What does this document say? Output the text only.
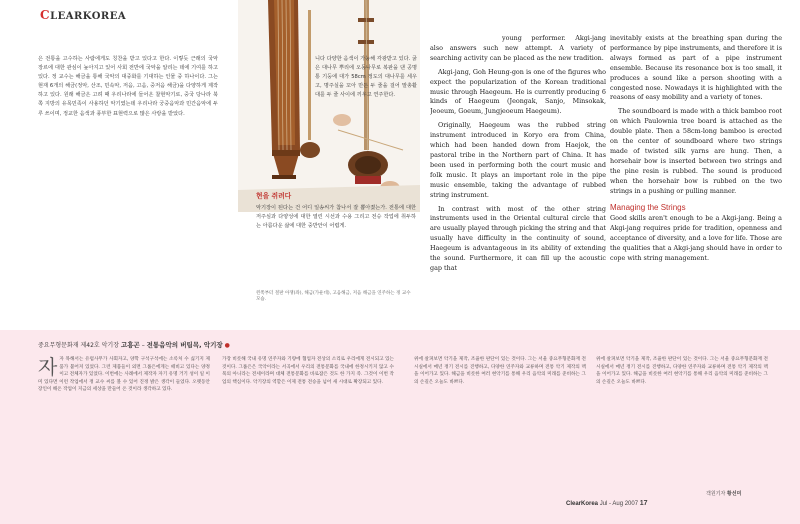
CLEARKOREA
은 전통을 고수하는 사람에게도 칭찬을 받고 있다고 한다. 이렇듯 근래의 국악 장르에 대한 관심이 높아지고 있어 사회 전반에 국악을 알리는 데에 기여를 하고 있다. 정 교수는 해금을 통해 국악의 대중화를 기대하는 인물 중 하나이다. 그는 현재 6개의 해금(정악, 산조, 민속악, 저음, 고음, 중저음 해금)을 다양하게 제작하고 있다. 원래 해금은 고려 때 우리나라에 들어온 찰현악기로, 중국 당나라 북쪽 지방의 유목민족이 사용하던 악기였는데 우리나라 궁중음악과 민간음악에 두루 쓰이며, 정교한 음색과 풍부한 표현력으로 많은 사랑을 받았다.
니다 다양한 음색이 가능해 각광받고 있다. 굵은 대나무 뿌리에 오동나무로 복판을 댄 공명통 기둥에 대가 58cm 정도의 대나무를 세우고, 명주실을 꼬아 만든 두 줄을 걸어 말총활대를 두 줄 사이에 끼우고 연주한다.
현을 쥐려다
악기장이 된다는 건 어디 일송씨가 참나서 잘 뽑아졌는가. 전통에 대한 저주심과 다양성에 대한 열린 시선과 수용 그리고 전승 작업에 취두하는 아름다운 삶에 대한 중반안이 어렵게.
왼쪽부터 철판 아쟁(좌), 해금(가운데), 고음해금, 저음 해금을 연주하는 정 교수 모습.

young performer. Akgi-jang also answers such new attempt. A variety of searching activity can be placed as the new tradition.

Akgi-jang, Goh Heung-gon is one of the figures who expect the popularization of the Korean traditional music through Haegeum. He is currently producing 6 kinds of Haegeum (Jeongak, Sanjo, Minsokak, Jeoeum, Goeum, Jungjeoeum Haegeum).

Originally, Haegeum was the rubbed string instrument introduced in Koryo era from China, which had been handed down from Haejok, the pastoral tribe in the Northern part of China. It has been used in performing both the court music and folk music. It plays an important role in the pipe music ensemble, taking the advantage of rubbed string instrument.

In contrast with most of the other string instruments used in the Oriental cultural circle that are usually played through picking the string and that usually have difficulty in the continuity of sound, Haegeum is advantageous in its ability of extending the sound. Furthermore, it can fill up the acoustic gap that

inevitably exists at the breathing span during the performance by pipe instruments, and therefore it is always formed as part of a pipe instrument ensemble. Because its resonance box is too small, it produces a sound like a person shooting with a congested nose. Nowadays it is highlighted with the reasons of easy mobility and a variety of tones.

The soundboard is made with a thick bamboo root on which Paulownia tree board is attached as the double plate. Then a 58cm-long bamboo is erected on the center of soundboard where two strings made of twisted silk yarns are hung. Then, a horsehair bow is inserted between two strings and the pine resin is rubbed. The sound is produced when the horsehair bow is rubbed on the two strings in a pushing or pulling manner.

Managing the Strings

Good skills aren't enough to be a Akgi-jang. Being a Akgi-jang requires pride for tradition, openness and acceptance of diversity, and a love for life. Those are the qualities that a Akgi-jang should have in order to cope with string management.

중요무형문화재 제42호 악기장 고흥곤 – 전통음악의 버팀목, 악기장 ●
자자 목해서는 유럽사무가 사회자고, 양학 구석구석에는 소록처 수 싫기지 제품가 불어져 있었다. 그런 제품들이 외면 그룹은에게는 떼비고 있다는 양정이고 전체자가 있었다. 이번에는 사례에서 제작자 자기 유명 거기 성이 일 이미 있다면 이런 작업에서 정 교수 씨를 볼 수 있어 진정 밝은 생각이 들었다. 오랫동안 장인이 해온 작업이 지금의 세상을 만들어 온 것이라 생각하고 있다.
가장 비롯해 국내 유명 연주자와 기량에 협업자 전상의 소리로 우리에게 전시되고 있는 것이다. 그룹은은 국악이라는 서곡에서 우리의 전통문화를 국내에 한정시키지 않고 수묵의 아니라는 전세이라며 대체 전통문화를 바로잡은 것도 한 가지 즉. 그것이 이번 작업의 핵심이다. 악기장의 역할은 이제 전통 전승을 넘어 새 시대로 확장되고 있다.
위에 살펴보면 악기을 제작, 조율한 판단이 있는 것이다. 그는 서울 중요무형문화재 전시실에서 매년 정기 전시를 진행하고, 다양한 연주자와 교류하며 전통 악기 제작의 맥을 이어가고 있다. 해금을 비롯한 여러 현악기를 통해 우리 음악의 미래를 준비하는 그의 손길은 오늘도 바쁘다.
위에 살펴보면 악기을 제작, 조율한 판단이 있는 것이다. 그는 서울 중요무형문화재 전시실에서 매년 정기 전시를 진행하고, 다양한 연주자와 교류하며 전통 악기 제작의 맥을 이어가고 있다. 해금을 비롯한 여러 현악기를 통해 우리 음악의 미래를 준비하는 그의 손길은 오늘도 바쁘다.
객원기자 황선미
ClearKorea Jul - Aug 2007 17
